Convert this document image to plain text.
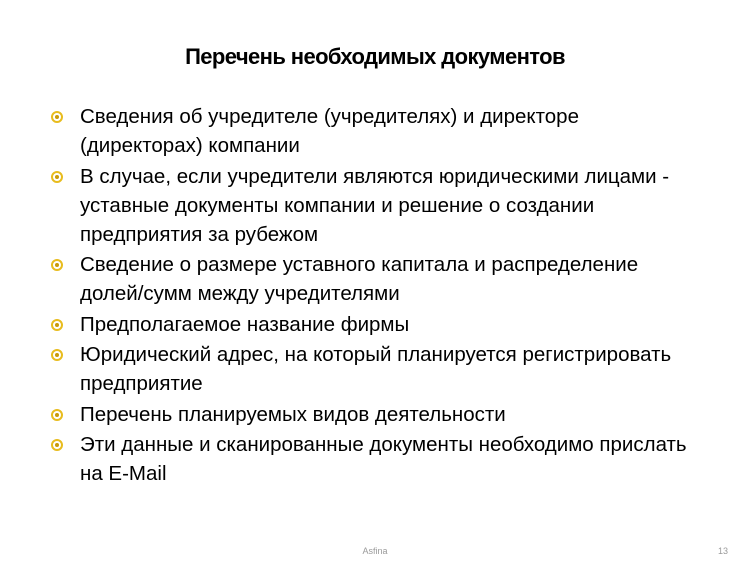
Перечень необходимых документов
Сведения об учредителе (учредителях) и директоре (директорах) компании
В случае, если учредители являются юридическими лицами - уставные документы компании и решение о создании предприятия за рубежом
Сведение о размере уставного капитала и распределение долей/сумм между учредителями
Предполагаемое название фирмы
Юридический адрес, на который планируется регистрировать предприятие
Перечень планируемых видов деятельности
Эти данные и сканированные документы необходимо прислать на E-Mail
Asfina	13
